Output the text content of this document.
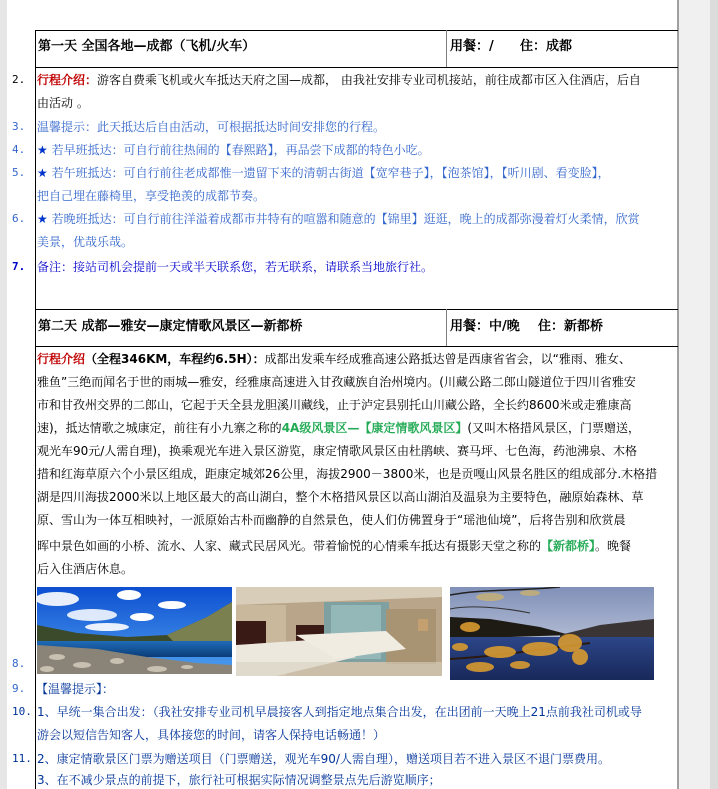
第一天 全国各地—成都（飞机/火车）	用餐：/ 住：成都
2. 行程介绍：游客自费乘飞机或火车抵达天府之国—成都， 由我社安排专业司机接站，前往成都市区入住酒店，后自
由活动 。
3. 温馨提示：此天抵达后自由活动，可根据抵达时间安排您的行程。
4. ★ 若早班抵达：可自行前往热闹的【春熙路】，再品尝下成都的特色小吃。
5. ★ 若午班抵达：可自行前往老成都惟一遗留下来的清朝古街道【宽窄巷子】，【泡茶馆】，【听川剧、看变脸】，
把自己埋在藤椅里，享受艳羡的成都节奏。
6. ★ 若晚班抵达：可自行前往洋溢着成都市井特有的喧嚣和随意的【锦里】逛逛，晚上的成都弥漫着灯火柔情，欣赏
美景，优哉乐哉。
7. 备注：接站司机会提前一天或半天联系您，若无联系，请联系当地旅行社。
第二天 成都—雅安—康定情歌风景区—新都桥	用餐：中/晚 住：新都桥
行程介绍（全程346KM，车程约6.5H）：成都出发乘车经成雅高速公路抵达曾是西康省省会，以“雅雨、雅女、
雅鱼”三绝而闻名于世的雨城—雅安，经雅康高速进入甘孜藏族自治州境内。(川藏公路二郎山隧道位于四川省雅安
市和甘孜州交界的二郎山，它起于天全县龙胆溪川藏线，止于泸定县别托山川藏公路，全长约8600米或走雅康高
速)，抵达情歌之城康定，前往有小九寨之称的4A级风景区—【康定情歌风景区】(又叫木格措风景区，门票赠送，
观光车90元/人需自理)，换乘观光车进入景区游览，康定情歌风景区由杜鹃峡、赛马坪、七色海，药池沸泉、木格
措和红海草原六个小景区组成，距康定城郊26公里，海拔2900－3800米，也是贡嘎山风景名胜区的组成部分.木格措
湖是四川海拔2000米以上地区最大的高山湖白，整个木格措风景区以高山湖泊及温泉为主要特色，融原始森林、草
原、雪山为一体互相映衬，一派原始古朴而幽静的自然景色，使人们仿佛置身于“瑶池仙境”，后将告别和欣赏晨
晖中景色如画的小桥、流水、人家、藏式民居风光。带着愉悦的心情乘车抵达有摄影天堂之称的【新都桥】。晚餐
后入住酒店休息。
8.
9. 【温馨提示】：
10. 1、早统一集合出发：（我社安排专业司机早晨接客人到指定地点集合出发，在出团前一天晚上21点前我社司机或导
游会以短信告知客人，具体接您的时间，请客人保持电话畅通！）
11. 2、康定情歌景区门票为赠送项目（门票赠送，观光车90/人需自理），赠送项目若不进入景区不退门票费用。
3、在不减少景点的前提下，旅行社可根据实际情况调整景点先后游览顺序；
